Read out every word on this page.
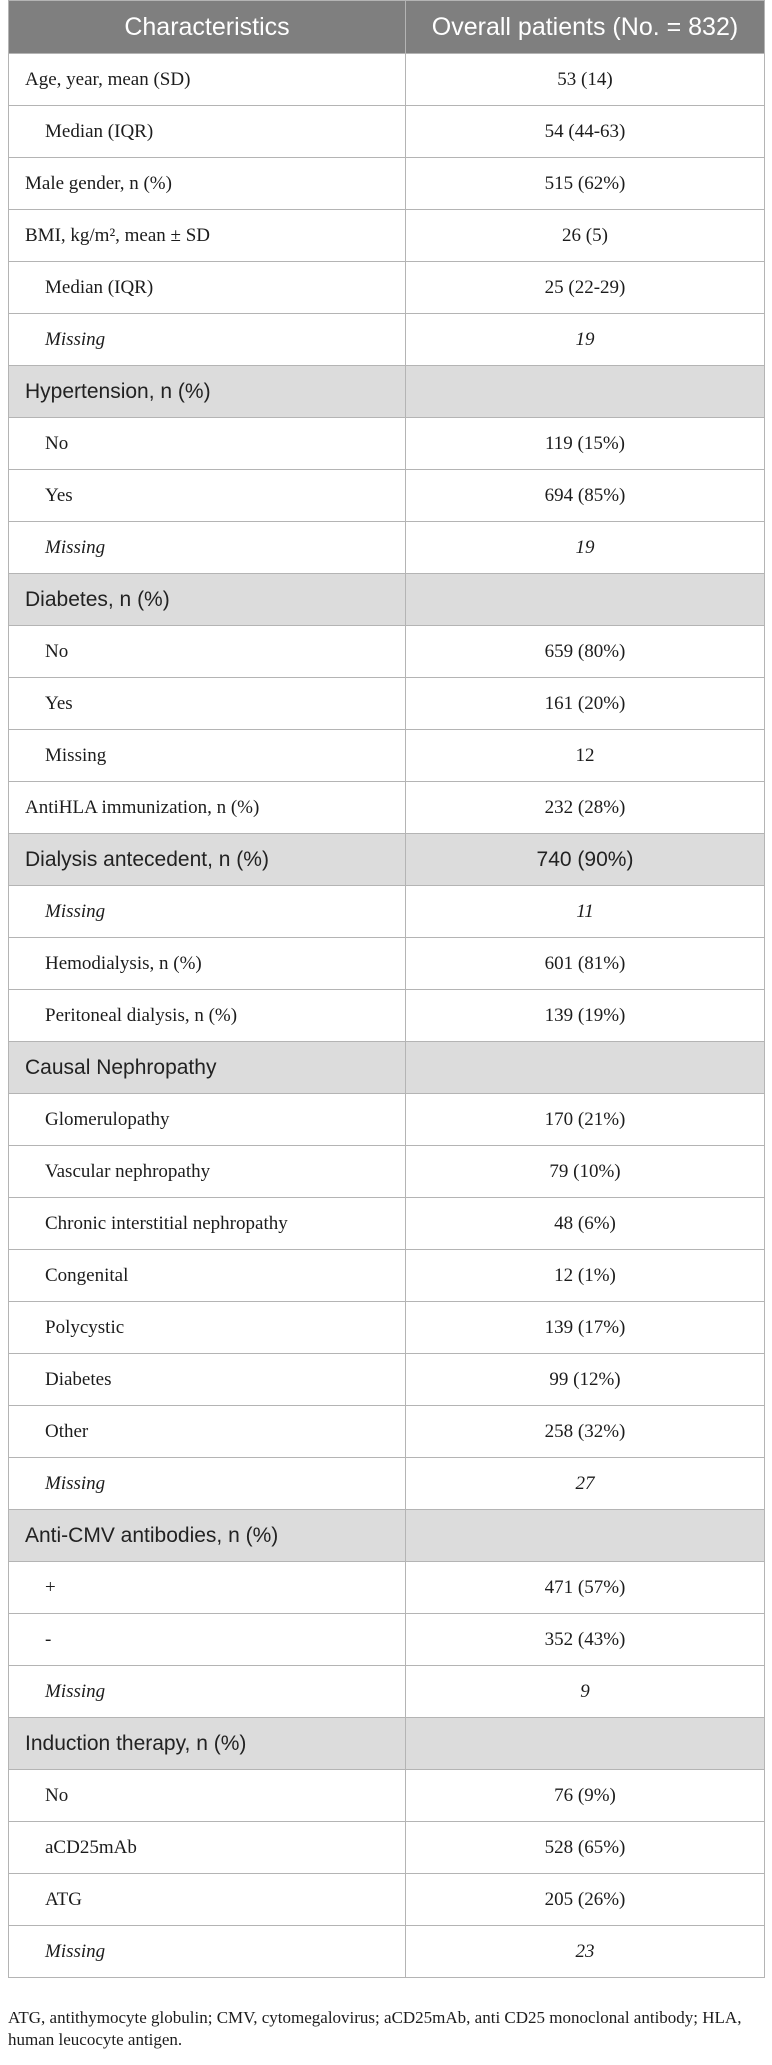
Characteristics	Overall patients (No. = 832)
Age, year, mean (SD)	53 (14)
Median (IQR)	54 (44-63)
Male gender, n (%)	515 (62%)
BMI, kg/m², mean ± SD	26 (5)
Median (IQR)	25 (22-29)
Missing	19
Hypertension, n (%)	
No	119 (15%)
Yes	694 (85%)
Missing	19
Diabetes, n (%)	
No	659 (80%)
Yes	161 (20%)
Missing	12
AntiHLA immunization, n (%)	232 (28%)
Dialysis antecedent, n (%)	740 (90%)
Missing	11
Hemodialysis, n (%)	601 (81%)
Peritoneal dialysis, n (%)	139 (19%)
Causal Nephropathy	
Glomerulopathy	170 (21%)
Vascular nephropathy	79 (10%)
Chronic interstitial nephropathy	48 (6%)
Congenital	12 (1%)
Polycystic	139 (17%)
Diabetes	99 (12%)
Other	258 (32%)
Missing	27
Anti-CMV antibodies, n (%)	
+	471 (57%)
-	352 (43%)
Missing	9
Induction therapy, n (%)	
No	76 (9%)
aCD25mAb	528 (65%)
ATG	205 (26%)
Missing	23
ATG, antithymocyte globulin; CMV, cytomegalovirus; aCD25mAb, anti CD25 monoclonal antibody; HLA, human leucocyte antigen.
